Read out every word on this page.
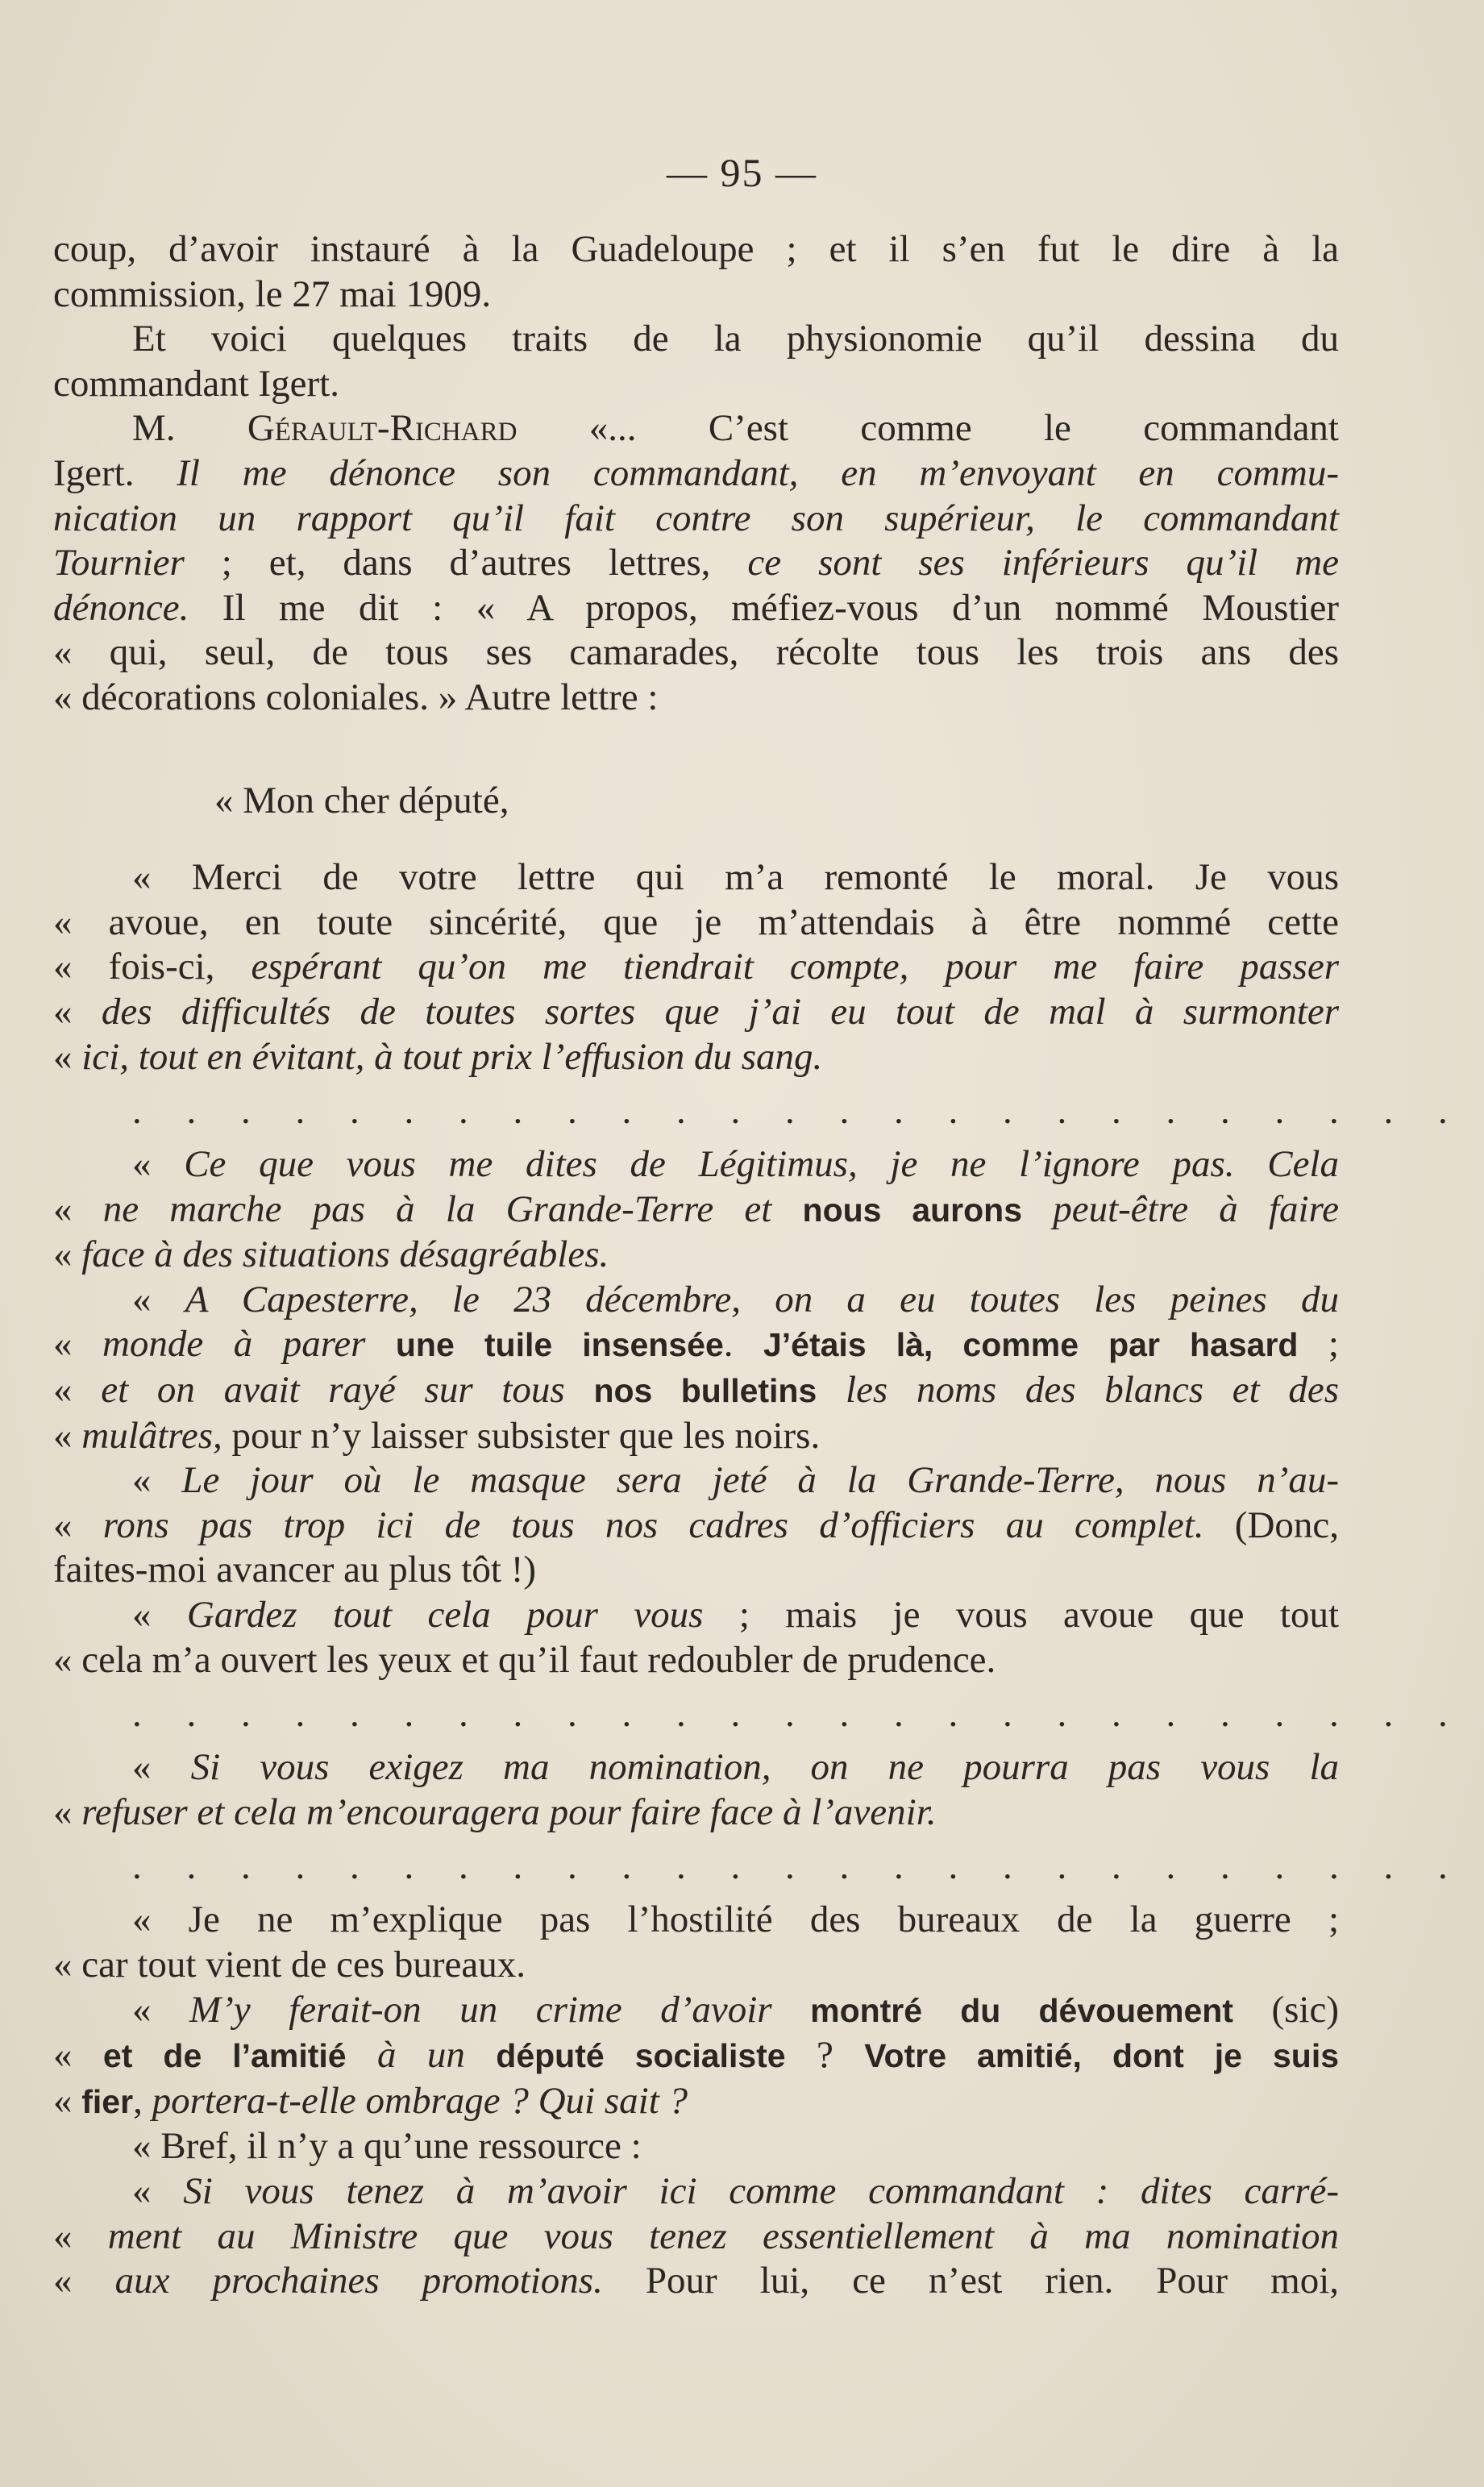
— 95 —
coup, d’avoir instauré à la Guadeloupe ; et il s’en fut le dire à la
commission, le 27 mai 1909.
Et voici quelques traits de la physionomie qu’il dessina du
commandant Igert.
M. Gérault-Richard «... C’est comme le commandant
Igert. Il me dénonce son commandant, en m’envoyant en commu-
nication un rapport qu’il fait contre son supérieur, le commandant
Tournier ; et, dans d’autres lettres, ce sont ses inférieurs qu’il me
dénonce. Il me dit : « A propos, méfiez-vous d’un nommé Moustier
« qui, seul, de tous ses camarades, récolte tous les trois ans des
« décorations coloniales. » Autre lettre :
« Mon cher député,
« Merci de votre lettre qui m’a remonté le moral. Je vous
« avoue, en toute sincérité, que je m’attendais à être nommé cette
« fois-ci, espérant qu’on me tiendrait compte, pour me faire passer
« des difficultés de toutes sortes que j’ai eu tout de mal à surmonter
« ici, tout en évitant, à tout prix l’effusion du sang.
. . . . . . . . . . . . . . . . . . . . . . . . .
« Ce que vous me dites de Légitimus, je ne l’ignore pas. Cela
« ne marche pas à la Grande-Terre et nous aurons peut-être à faire
« face à des situations désagréables.
« A Capesterre, le 23 décembre, on a eu toutes les peines du
« monde à parer une tuile insensée. J’étais là, comme par hasard ;
« et on avait rayé sur tous nos bulletins les noms des blancs et des
« mulâtres, pour n’y laisser subsister que les noirs.
« Le jour où le masque sera jeté à la Grande-Terre, nous n’au-
« rons pas trop ici de tous nos cadres d’officiers au complet. (Donc,
faites-moi avancer au plus tôt !)
« Gardez tout cela pour vous ; mais je vous avoue que tout
« cela m’a ouvert les yeux et qu’il faut redoubler de prudence.
. . . . . . . . . . . . . . . . . . . . . . . . .
« Si vous exigez ma nomination, on ne pourra pas vous la
« refuser et cela m’encouragera pour faire face à l’avenir.
. . . . . . . . . . . . . . . . . . . . . . . . .
« Je ne m’explique pas l’hostilité des bureaux de la guerre ;
« car tout vient de ces bureaux.
« M’y ferait-on un crime d’avoir montré du dévouement (sic)
« et de l’amitié à un député socialiste ? Votre amitié, dont je suis
« fier, portera-t-elle ombrage ? Qui sait ?
« Bref, il n’y a qu’une ressource :
« Si vous tenez à m’avoir ici comme commandant : dites carré-
« ment au Ministre que vous tenez essentiellement à ma nomination
« aux prochaines promotions. Pour lui, ce n’est rien. Pour moi,
